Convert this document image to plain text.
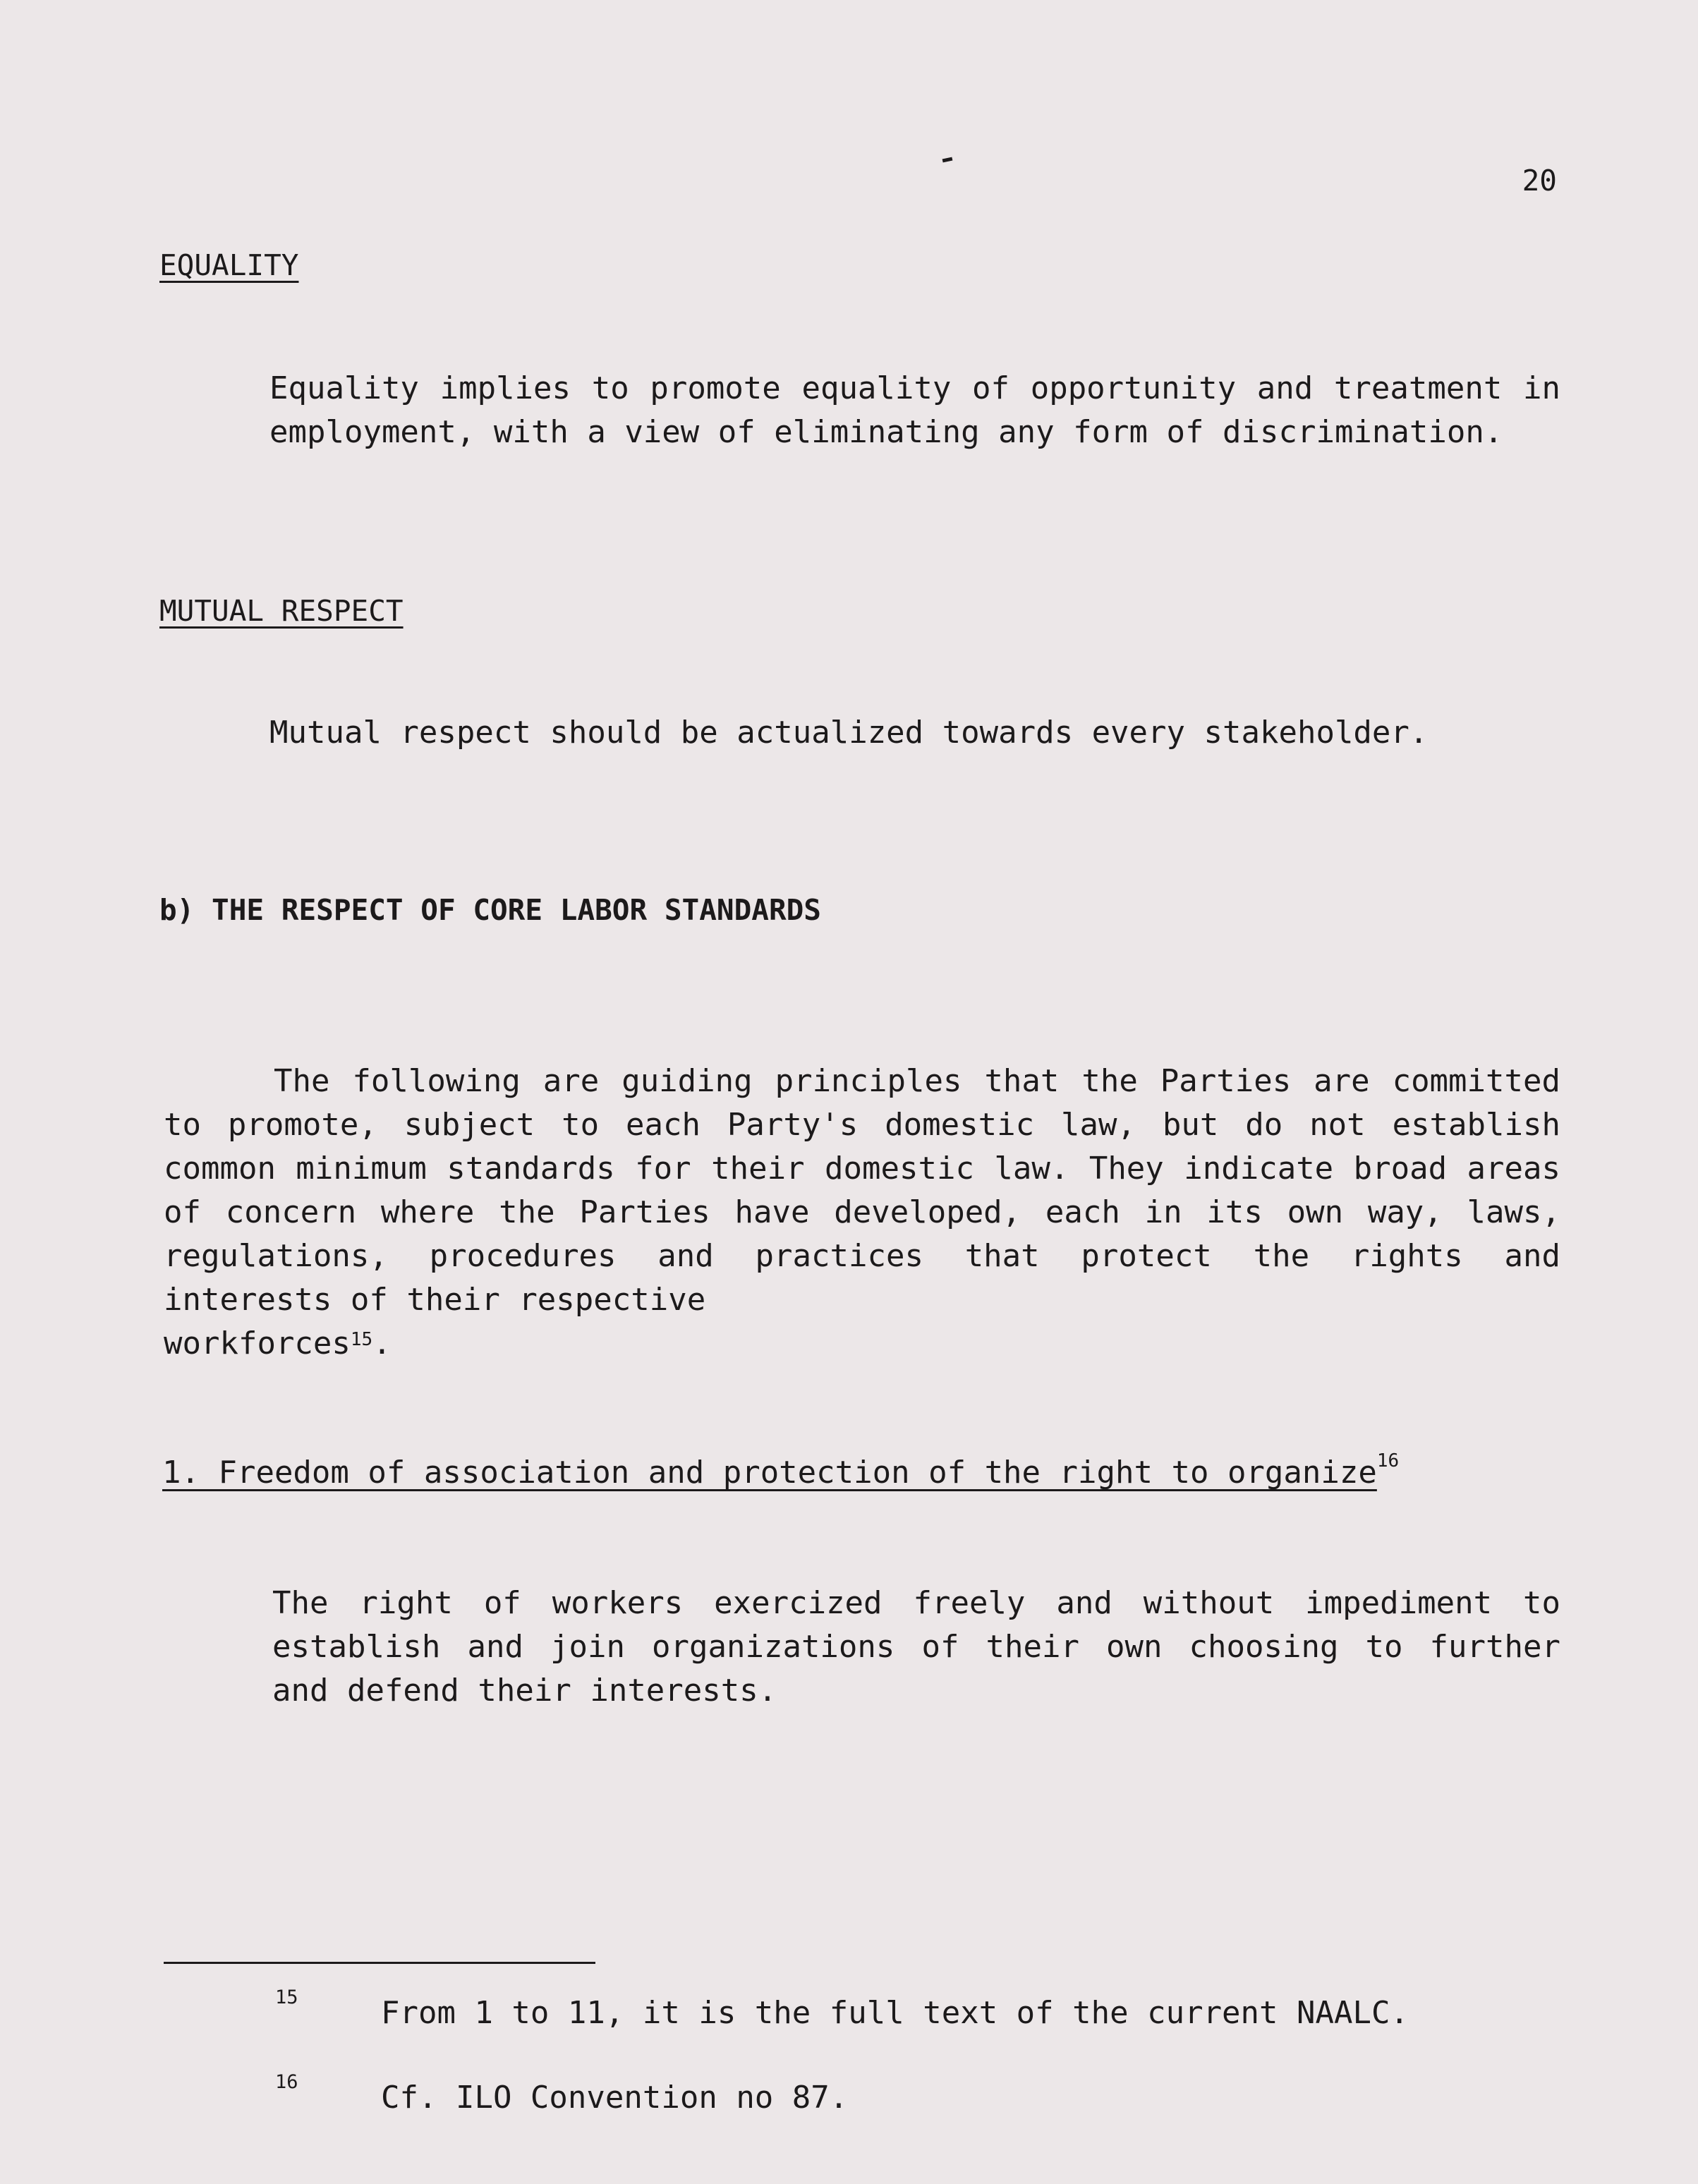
20
EQUALITY

Equality implies to promote equality of opportunity and treatment in employment, with a view of eliminating any form of discrimination.

MUTUAL RESPECT

Mutual respect should be actualized towards every stakeholder.

b) THE RESPECT OF CORE LABOR STANDARDS
The following are guiding principles that the Parties are committed to promote, subject to each Party's domestic law, but do not establish common minimum standards for their domestic law. They indicate broad areas of concern where the Parties have developed, each in its own way, laws, regulations, procedures and practices that protect the rights and interests of their respective
workforces$^{15}$.
1. Freedom of association and protection of the right to organize$^{16}$

The right of workers exercized freely and without impediment to establish and join organizations of their own choosing to further and defend their interests.

15	From 1 to 11, it is the full text of the current NAALC.
16	Cf. ILO Convention no 87.
